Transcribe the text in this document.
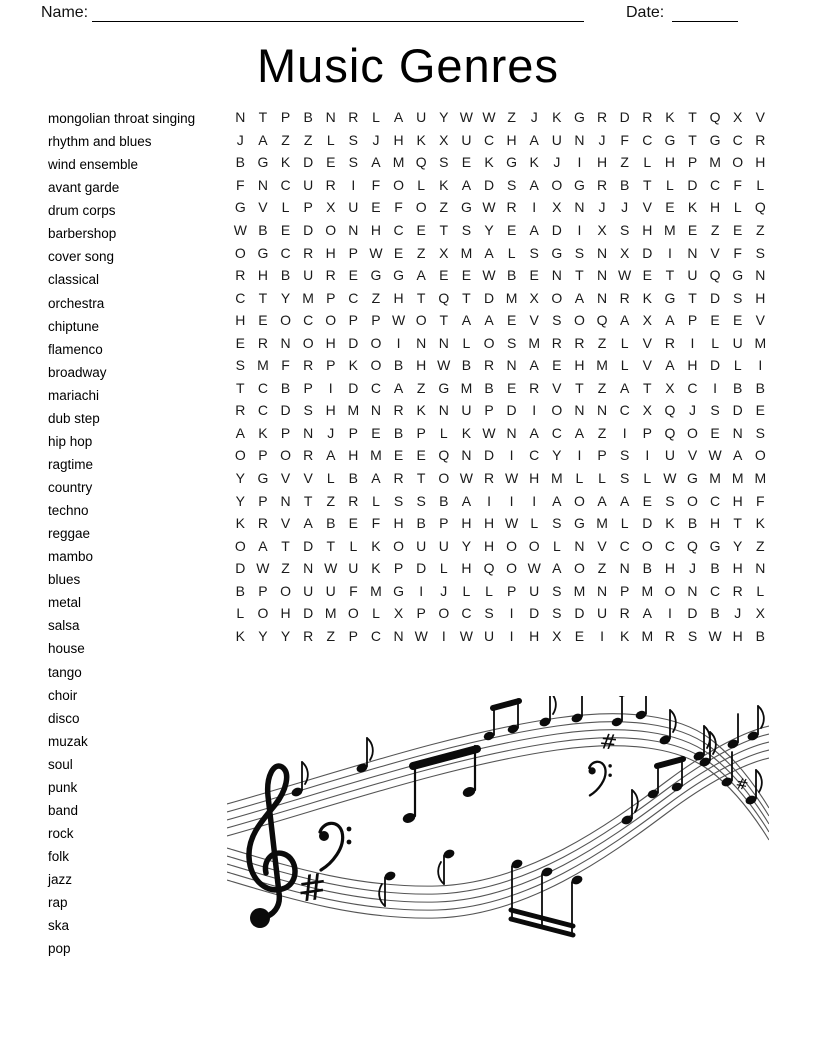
Name:	Date:
Music Genres
mongolian throat singing
rhythm and blues
wind ensemble
avant garde
drum corps
barbershop
cover song
classical
orchestra
chiptune
flamenco
broadway
mariachi
dub step
hip hop
ragtime
country
techno
reggae
mambo
blues
metal
salsa
house
tango
choir
disco
muzak
soul
punk
band
rock
folk
jazz
rap
ska
pop
N T P B N R L	A U Y W W Z	J	K G R D R K T Q X V
J	A Z	Z	L	S	J	H K X U C H A U N	J	F C G T G C R
B G K D E S A M Q S E K G K	J	I	H Z	L H P M O H
F N C U R	I	F O L	K A D S A O G R B T	L D C F	L
G V	L	P X U E F O Z G W R	I	X N	J	J	V E K H L Q
W B E D O N H C E T S Y E A D	I	X S H M E Z E Z
O G C R H P W E Z X M A	L	S G S N X D	I	N V F S
R H B U R E G G A E E W B E N T N W E T U Q G N
C T Y M P C Z H T Q T D M X O A N R K G T D S H
H E O C O P P W O T A A E V S O Q A X A P E E V
E R N O H D O	I	N N L O S M R R Z	L	V R	I	L U M
S M F R P K O B H W B R N A E H M L	V A H D L	I
T C B P	I	D C A Z G M B E R V T	Z A T X C	I	B B
R C D S H M N R K N U P D	I	O N N C X Q J	S D E
A K P N	J	P E B P	L	K W N A C A Z	I	P Q O E N S
O P O R A H M E E Q N D	I	C Y	I	P S	I	U V W A O
Y G V V	L	B A R T O W R W H M L	L	S	L W G M M M
Y P N T	Z R L	S S B A	I	I	I	A O A A E S O C H F
K R V A B E F H B P H H W L	S G M L D K B H T K
O A T D T	L	K O U U Y H O O L N V C O C Q G Y Z
D W Z N W U K P D L H Q O W A O Z N B H	J	B H N
B P O U U F M G	I	J	L	L	P U S M N P M O N C R L
L O H D M O L	X P O C S	I	D S D U R A	I	D B	J	X
K Y Y R Z P C N W	I	W U	I	H X E	I	K M R S W H B
#
#
#
